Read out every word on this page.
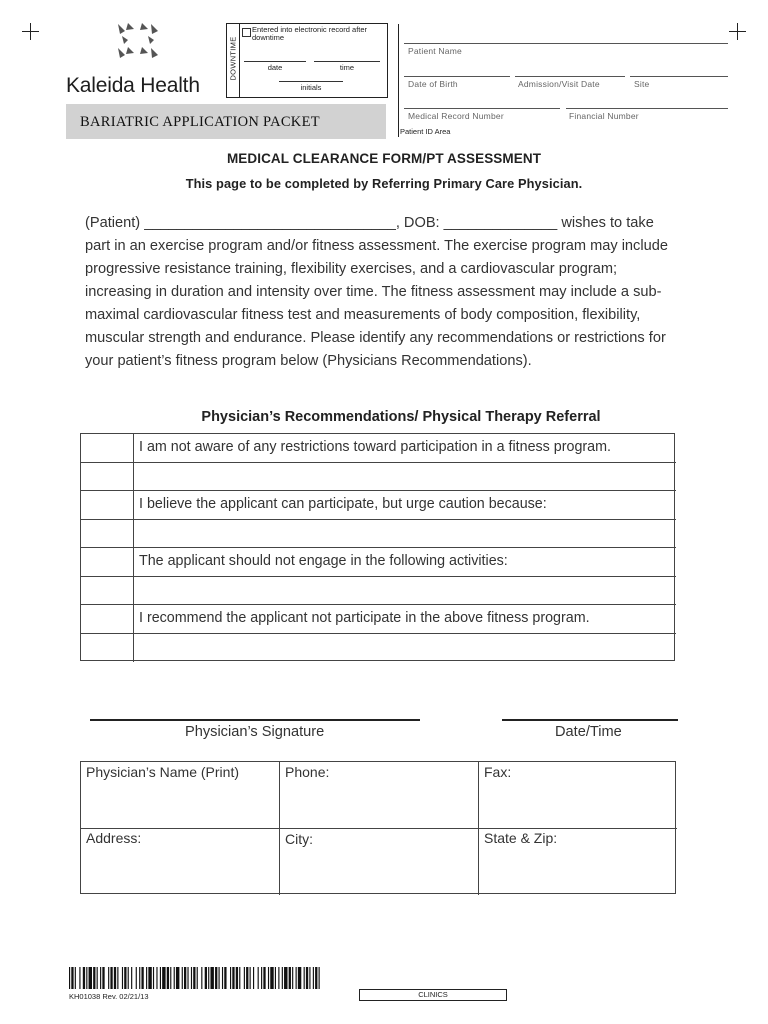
Kaleida Health
DOWNTIME
Entered into electronic record after downtime
date	time
initials
BARIATRIC APPLICATION PACKET
Patient Name
Date of Birth	Admission/Visit Date	Site
Medical Record Number	Financial Number
Patient ID Area
MEDICAL CLEARANCE FORM/PT ASSESSMENT
This page to be completed by Referring Primary Care Physician.

(Patient) _______________________________, DOB: ______________ wishes to take

part in an exercise program and/or fitness assessment. The exercise program may include

progressive resistance training, flexibility exercises, and a cardiovascular program;

increasing in duration and intensity over time. The fitness assessment may include a sub-

maximal cardiovascular fitness test and measurements of body composition, flexibility,

muscular strength and endurance. Please identify any recommendations or restrictions for

your patient’s fitness program below (Physicians Recommendations).

Physician’s Recommendations/ Physical Therapy Referral
I am not aware of any restrictions toward participation in a fitness program.
I believe the applicant can participate, but urge caution because:
The applicant should not engage in the following activities:
I recommend the applicant not participate in the above fitness program.
Physician’s Signature	Date/Time
Physician’s Name (Print)	Phone:	Fax:
Address:	City:	State & Zip:
KH01038 Rev. 02/21/13	CLINICS
